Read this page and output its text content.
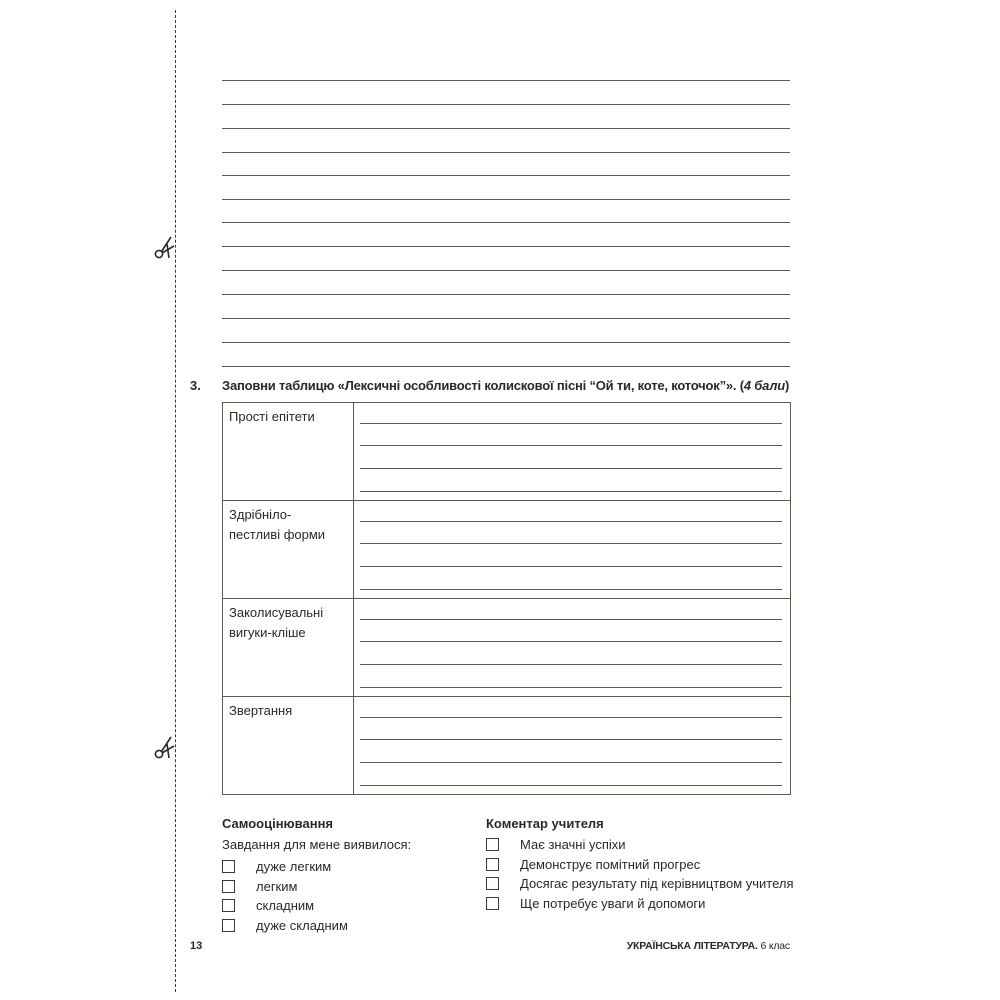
3. Заповни таблицю «Лексичні особливості колискової пісні “Ой ти, коте, коточок”». (4 бали)
Прості епітети	

Здрібніло-
пестливі форми	

Заколисувальні
вигуки-кліше	

Звертання	

Самооцінювання
Завдання для мене виявилося:
дуже легким
легким
складним
дуже складним
Коментар учителя
Має значні успіхи
Демонструє помітний прогрес
Досягає результату під керівництвом учителя
Ще потребує уваги й допомоги
13	УКРАЇНСЬКА ЛІТЕРАТУРА. 6 клас
